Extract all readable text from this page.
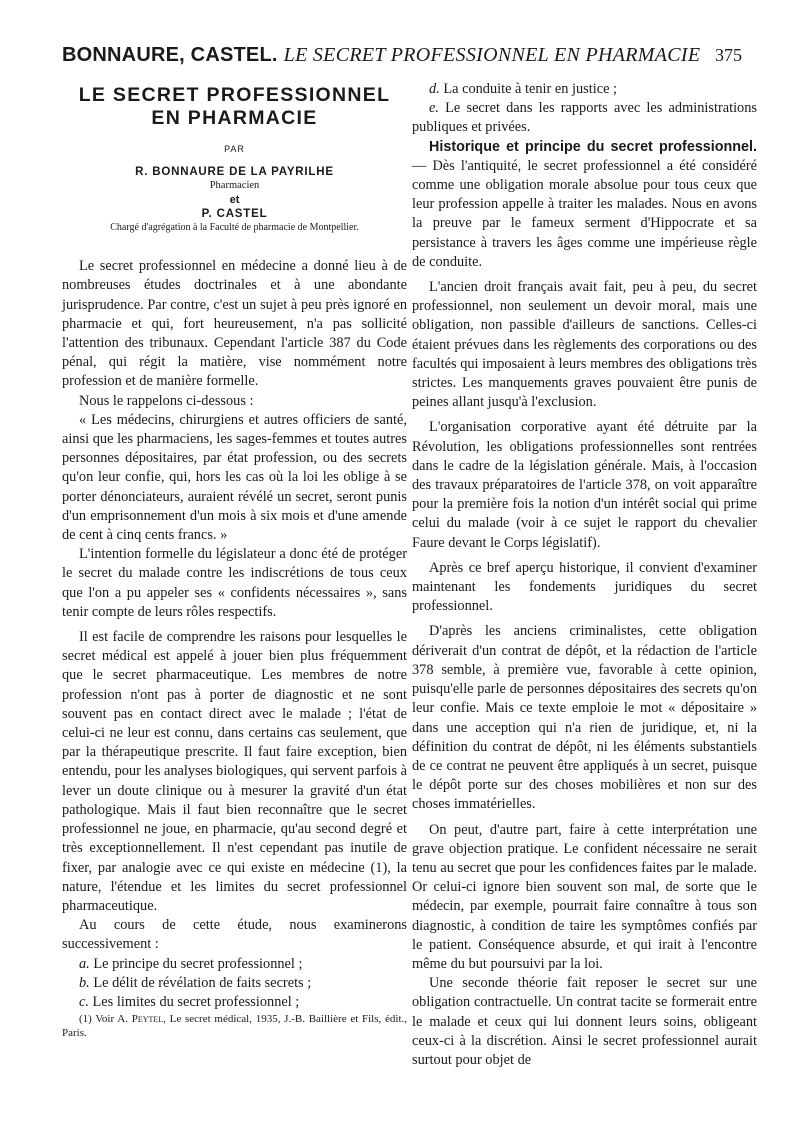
BONNAURE, CASTEL. LE SECRET PROFESSIONNEL EN PHARMACIE 375
LE SECRET PROFESSIONNEL
EN PHARMACIE
PAR
R. BONNAURE DE LA PAYRILHE
Pharmacien
et
P. CASTEL
Chargé d'agrégation à la Faculté de pharmacie de Montpellier.

Le secret professionnel en médecine a donné lieu à de nombreuses études doctrinales et à une abondante jurisprudence. Par contre, c'est un sujet à peu près ignoré en pharmacie et qui, fort heureusement, n'a pas sollicité l'attention des tribunaux. Cependant l'article 387 du Code pénal, qui régit la matière, vise nommément notre profession et de manière formelle.

Nous le rappelons ci-dessous :

« Les médecins, chirurgiens et autres officiers de santé, ainsi que les pharmaciens, les sages-femmes et toutes autres personnes dépositaires, par état profession, ou des secrets qu'on leur confie, qui, hors les cas où la loi les oblige à se porter dénonciateurs, auraient révélé un secret, seront punis d'un emprisonnement d'un mois à six mois et d'une amende de cent à cinq cents francs. »

L'intention formelle du législateur a donc été de protéger le secret du malade contre les indiscrétions de tous ceux que l'on a pu appeler ses « confidents nécessaires », sans tenir compte de leurs rôles respectifs.

Il est facile de comprendre les raisons pour lesquelles le secret médical est appelé à jouer bien plus fréquemment que le secret pharmaceutique. Les membres de notre profession n'ont pas à porter de diagnostic et ne sont souvent pas en contact direct avec le malade ; l'état de celui-ci ne leur est connu, dans certains cas seulement, que par la thérapeutique prescrite. Il faut faire exception, bien entendu, pour les analyses biologiques, qui servent parfois à lever un doute clinique ou à mesurer la gravité d'un état pathologique. Mais il faut bien reconnaître que le secret professionnel ne joue, en pharmacie, qu'au second degré et très exceptionnellement. Il n'est cependant pas inutile de fixer, par analogie avec ce qui existe en médecine (1), la nature, l'étendue et les limites du secret professionnel pharmaceutique.

Au cours de cette étude, nous examinerons successivement :

a. Le principe du secret professionnel ;

b. Le délit de révélation de faits secrets ;

c. Les limites du secret professionnel ;

(1) Voir A. Peytel, Le secret médical, 1935, J.-B. Baillière et Fils, édit., Paris.

d. La conduite à tenir en justice ;

e. Le secret dans les rapports avec les administrations publiques et privées.

Historique et principe du secret professionnel. — Dès l'antiquité, le secret professionnel a été considéré comme une obligation morale absolue pour tous ceux que leur profession appelle à traiter les malades. Nous en avons la preuve par le fameux serment d'Hippocrate et sa persistance à travers les âges comme une impérieuse règle de conduite.

L'ancien droit français avait fait, peu à peu, du secret professionnel, non seulement un devoir moral, mais une obligation, non passible d'ailleurs de sanctions. Celles-ci étaient prévues dans les règlements des corporations ou des facultés qui imposaient à leurs membres des obligations très strictes. Les manquements graves pouvaient être punis de peines allant jusqu'à l'exclusion.

L'organisation corporative ayant été détruite par la Révolution, les obligations professionnelles sont rentrées dans le cadre de la législation générale. Mais, à l'occasion des travaux préparatoires de l'article 378, on voit apparaître pour la première fois la notion d'un intérêt social qui prime celui du malade (voir à ce sujet le rapport du chevalier Faure devant le Corps législatif).

Après ce bref aperçu historique, il convient d'examiner maintenant les fondements juridiques du secret professionnel.

D'après les anciens criminalistes, cette obligation dériverait d'un contrat de dépôt, et la rédaction de l'article 378 semble, à première vue, favorable à cette opinion, puisqu'elle parle de personnes dépositaires des secrets qu'on leur confie. Mais ce texte emploie le mot « dépositaire » dans une acception qui n'a rien de juridique, et, ni la définition du contrat de dépôt, ni les éléments substantiels de ce contrat ne peuvent être appliqués à un secret, puisque le dépôt porte sur des choses mobilières et non sur des choses immatérielles.

On peut, d'autre part, faire à cette interprétation une grave objection pratique. Le confident nécessaire ne serait tenu au secret que pour les confidences faites par le malade. Or celui-ci ignore bien souvent son mal, de sorte que le médecin, par exemple, pourrait faire connaître à tous son diagnostic, à condition de taire les symptômes confiés par le patient. Conséquence absurde, et qui irait à l'encontre même du but poursuivi par la loi.

Une seconde théorie fait reposer le secret sur une obligation contractuelle. Un contrat tacite se formerait entre le malade et ceux qui lui donnent leurs soins, obligeant ceux-ci à la discrétion. Ainsi le secret professionnel aurait surtout pour objet de
